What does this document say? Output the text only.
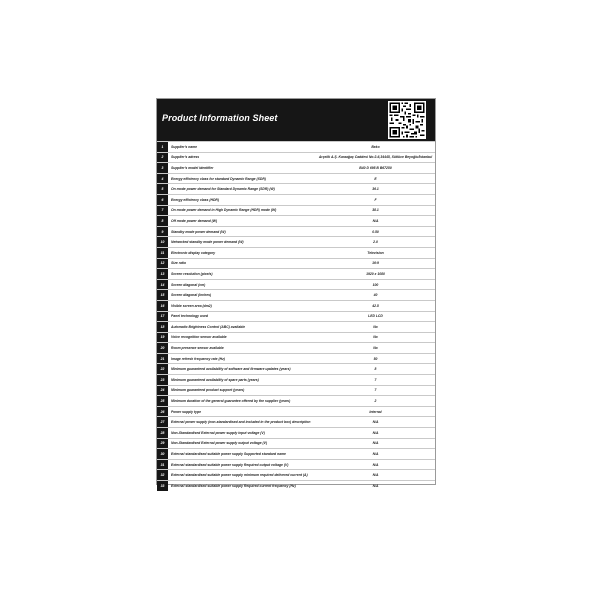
Product Information Sheet
1	Supplier's name	Beko
2	Supplier's adress	Arçelik A.Ş. Karaağaç Caddesi No:2-6,34445, Sütlüce Beyoğlu/İstanbul
3	Supplier's model identifier	B40 D 695 B B67250
4	Energy efficiency class for standard Dynamic Range (SDR)	E
5	On mode power demand for Standard Dynamic Range (SDR) (W)	36.1
6	Energy efficiency class (HDR)	F
7	On mode power demand in High Dynamic Range (HDR) mode (W)	38.1
8	Off mode power demand (W)	N/A
9	Standby mode power demand (W)	0.50
10	Networked standby mode power demand (W)	2.0
11	Electronic display category	Television
12	Size ratio	16:9
13	Screen resolution (pixels)	1920 x 1080
14	Screen diagonal (cm)	100
15	Screen diagonal (inches)	40
16	Visible screen area (dm2)	42.5
17	Panel technology used	LED LCD
18	Automatic Brightness Control (ABC) available	No
19	Voice recognition sensor available	No
20	Room presence sensor available	No
21	Image refresh frequency rate (Hz)	50
22	Minimum guaranteed availability of software and firmware updates (years)	8
23	Minimum guaranteed availability of spare parts (years)	7
24	Minimum guaranteed product support (years)	7
25	Minimum duration of the general guarantee offered by the supplier (years)	2
26	Power supply type	Internal
27	External power supply (non-standardised and included in the product box) description	N/A
28	Non-Standardised External power supply input voltage (V)	N/A
29	Non-Standardised External power supply output voltage (V)	N/A
30	External standardised suitable power supply Supported standard name	N/A
31	External standardised suitable power supply Required output voltage (V)	N/A
32	External standardised suitable power supply minimum required delivered current (A)	N/A
33	External standardised suitable power supply Required current frequency (Hz)	N/A
